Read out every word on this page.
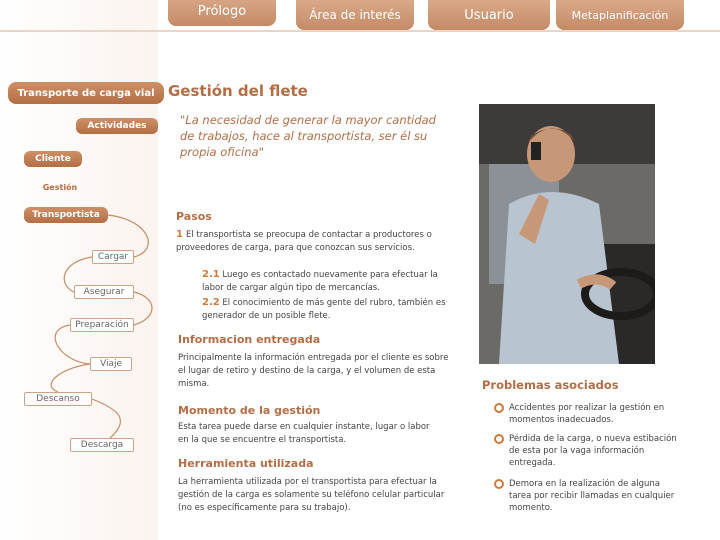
Prólogo	Área de interés	Usuario	Metaplanificación
Transporte de carga vial
Actividades
Cliente
Gestión
Transportista
Cargar
Asegurar
Preparación
Viaje
Descanso
Descarga
Gestión del flete
"La necesidad de generar la mayor cantidad de trabajos, hace al transportista, ser él su propia oficina"
Pasos
1 El transportista se preocupa de contactar a productores o proveedores de carga, para que conozcan sus servicios.
2.1 Luego es contactado nuevamente para efectuar la labor de cargar algún tipo de mercancías.
2.2 El conocimiento de más gente del rubro, también es generador de un posible flete.
Informacion entregada
Principalmente la información entregada por el cliente es sobre el lugar de retiro y destino de la carga, y el volumen de esta misma.
Momento de la gestión
Esta tarea puede darse en cualquier instante, lugar o labor en la que se encuentre el transportista.
Herramienta utilizada
La herramienta utilizada por el transportista para efectuar la gestión de la carga es solamente su teléfono celular particular (no es específicamente para su trabajo).
Problemas asociados
Accidentes por realizar la gestión en momentos inadecuados.
Pérdida de la carga, o nueva estibación de esta por la vaga información entregada.
Demora en la realización de alguna tarea por recibir llamadas en cualquier momento.
